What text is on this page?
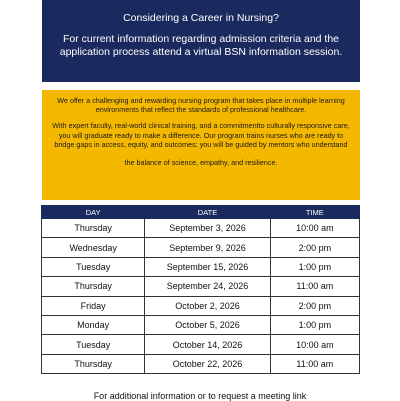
Considering a Career in Nursing?
For current information regarding admission criteria and the application process attend a virtual BSN information session.

We offer a challenging and rewarding nursing program that takes place in multiple learning environments that reflect the standards of professional healthcare.

With expert faculty, real-world clinical training, and a commitmentto culturally responsive care, you will graduate ready to make a difference. Our program trains nurses who are ready to bridge gaps in access, equity, and outcomes; you will be guided by mentors who understand

the balance of science, empathy, and resilience.

DAY	DATE	TIME
Thursday	September 3, 2026	10:00 am
Wednesday	September 9, 2026	2:00 pm
Tuesday	September 15, 2026	1:00 pm
Thursday	September 24, 2026	11:00 am
Friday	October 2, 2026	2:00 pm
Monday	October 5, 2026	1:00 pm
Tuesday	October 14, 2026	10:00 am
Thursday	October 22, 2026	11:00 am
For additional information or to request a meeting link
